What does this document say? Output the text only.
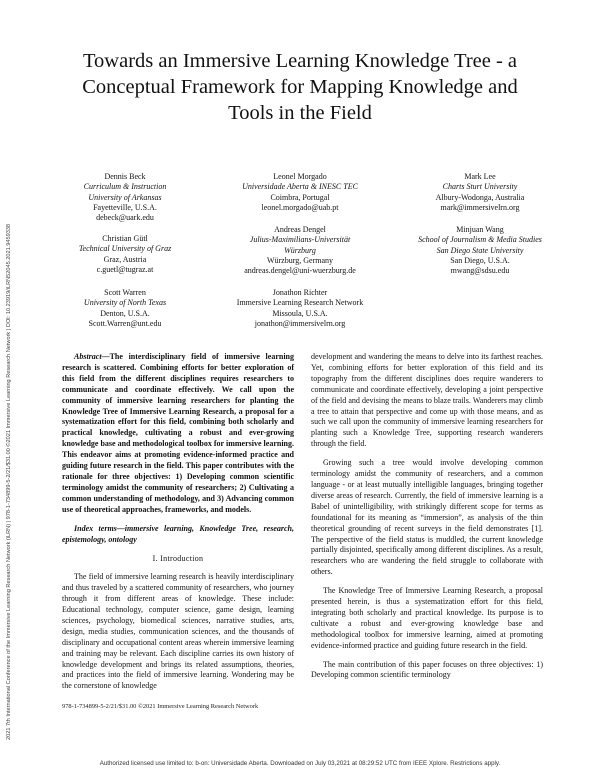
2021 7th International Conference of the Immersive Learning Research Network (iLRN) | 978-1-734899-5-2/21/$31.00 ©2021 Immersive Learning Research Network | DOI: 10.23919/iLRN52045.2021.9459338
Towards an Immersive Learning Knowledge Tree - a
Conceptual Framework for Mapping Knowledge and
Tools in the Field
Dennis Beck
Curriculum & Instruction
University of Arkansas
Fayetteville, U.S.A.
debeck@uark.edu
Leonel Morgado
Universidade Aberta & INESC TEC
Coimbra, Portugal
leonel.morgado@uab.pt
Mark Lee
Charts Sturt University
Albury-Wodonga, Australia
mark@immersivelrn.org
Christian Gütl
Technical University of Graz
Graz, Austria
c.guetl@tugraz.at
Andreas Dengel
Julius-Maximilians-Universität
Würzburg
Würzburg, Germany
andreas.dengel@uni-wuerzburg.de
Minjuan Wang
School of Journalism & Media Studies
San Diego State University
San Diego, U.S.A.
mwang@sdsu.edu
Scott Warren
University of North Texas
Denton, U.S.A.
Scott.Warren@unt.edu
Jonathon Richter
Immersive Learning Research Network
Missoula, U.S.A.
jonathon@immersivelrn.org

Abstract—The interdisciplinary field of immersive learning research is scattered. Combining efforts for better exploration of this field from the different disciplines requires researchers to communicate and coordinate effectively. We call upon the community of immersive learning researchers for planting the Knowledge Tree of Immersive Learning Research, a proposal for a systematization effort for this field, combining both scholarly and practical knowledge, cultivating a robust and ever-growing knowledge base and methodological toolbox for immersive learning. This endeavor aims at promoting evidence-informed practice and guiding future research in the field. This paper contributes with the rationale for three objectives: 1) Developing common scientific terminology amidst the community of researchers; 2) Cultivating a common understanding of methodology, and 3) Advancing common use of theoretical approaches, frameworks, and models.

Index terms—immersive learning, Knowledge Tree, research, epistemology, ontology

I. Introduction

The field of immersive learning research is heavily interdisciplinary and thus traveled by a scattered community of researchers, who journey through it from different areas of knowledge. These include: Educational technology, computer science, game design, learning sciences, psychology, biomedical sciences, narrative studies, arts, design, media studies, communication sciences, and the thousands of disciplinary and occupational content areas wherein immersive learning and training may be relevant. Each discipline carries its own history of knowledge development and brings its related assumptions, theories, and practices into the field of immersive learning. Wondering may be the cornerstone of knowledge

development and wandering the means to delve into its farthest reaches. Yet, combining efforts for better exploration of this field and its topography from the different disciplines does require wanderers to communicate and coordinate effectively, developing a joint perspective of the field and devising the means to blaze trails. Wanderers may climb a tree to attain that perspective and come up with those means, and as such we call upon the community of immersive learning researchers for planting such a Knowledge Tree, supporting research wanderers through the field.

Growing such a tree would involve developing common terminology amidst the community of researchers, and a common language - or at least mutually intelligible languages, bringing together diverse areas of research. Currently, the field of immersive learning is a Babel of unintelligibility, with strikingly different scope for terms as foundational for its meaning as “immersion”, as analysis of the thin theoretical grounding of recent surveys in the field demonstrates [1]. The perspective of the field status is muddled, the current knowledge partially disjointed, specifically among different disciplines. As a result, researchers who are wandering the field struggle to collaborate with others.

The Knowledge Tree of Immersive Learning Research, a proposal presented herein, is thus a systematization effort for this field, integrating both scholarly and practical knowledge. Its purpose is to cultivate a robust and ever-growing knowledge base and methodological toolbox for immersive learning, aimed at promoting evidence-informed practice and guiding future research in the field.

The main contribution of this paper focuses on three objectives: 1) Developing common scientific terminology

978-1-734899-5-2/21/$31.00 ©2021 Immersive Learning Research Network
Authorized licensed use limited to: b-on: Universidade Aberta. Downloaded on July 03,2021 at 08:29:52 UTC from IEEE Xplore. Restrictions apply.
